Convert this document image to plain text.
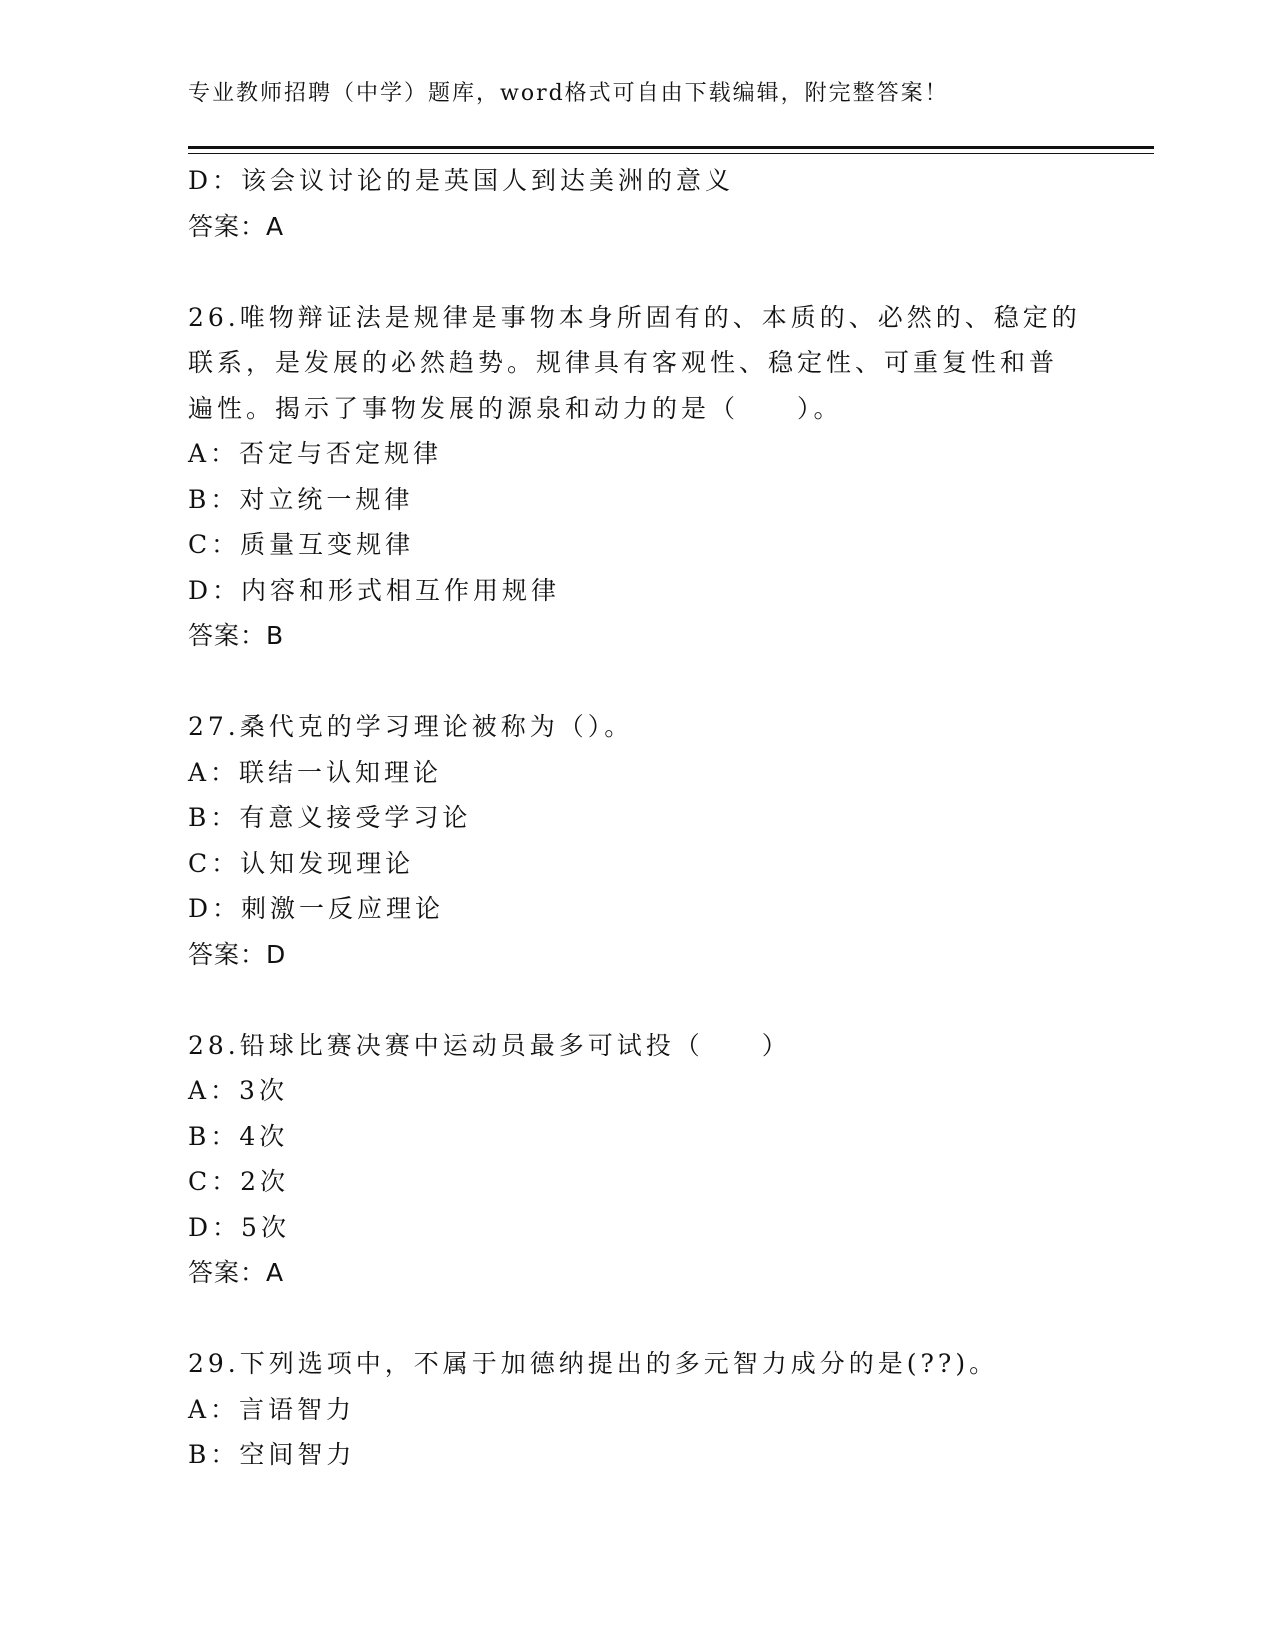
专业教师招聘（中学）题库，word格式可自由下载编辑，附完整答案！
D：该会议讨论的是英国人到达美洲的意义
答案：A
26.唯物辩证法是规律是事物本身所固有的、本质的、必然的、稳定的
联系，是发展的必然趋势。规律具有客观性、稳定性、可重复性和普
遍性。揭示了事物发展的源泉和动力的是（　　）。
A：否定与否定规律
B：对立统一规律
C：质量互变规律
D：内容和形式相互作用规律
答案：B
27.桑代克的学习理论被称为（）。
A：联结一认知理论
B：有意义接受学习论
C：认知发现理论
D：刺激一反应理论
答案：D
28.铅球比赛决赛中运动员最多可试投（　　）
A：3次
B：4次
C：2次
D：5次
答案：A
29.下列选项中，不属于加德纳提出的多元智力成分的是(??)。
A：言语智力
B：空间智力
